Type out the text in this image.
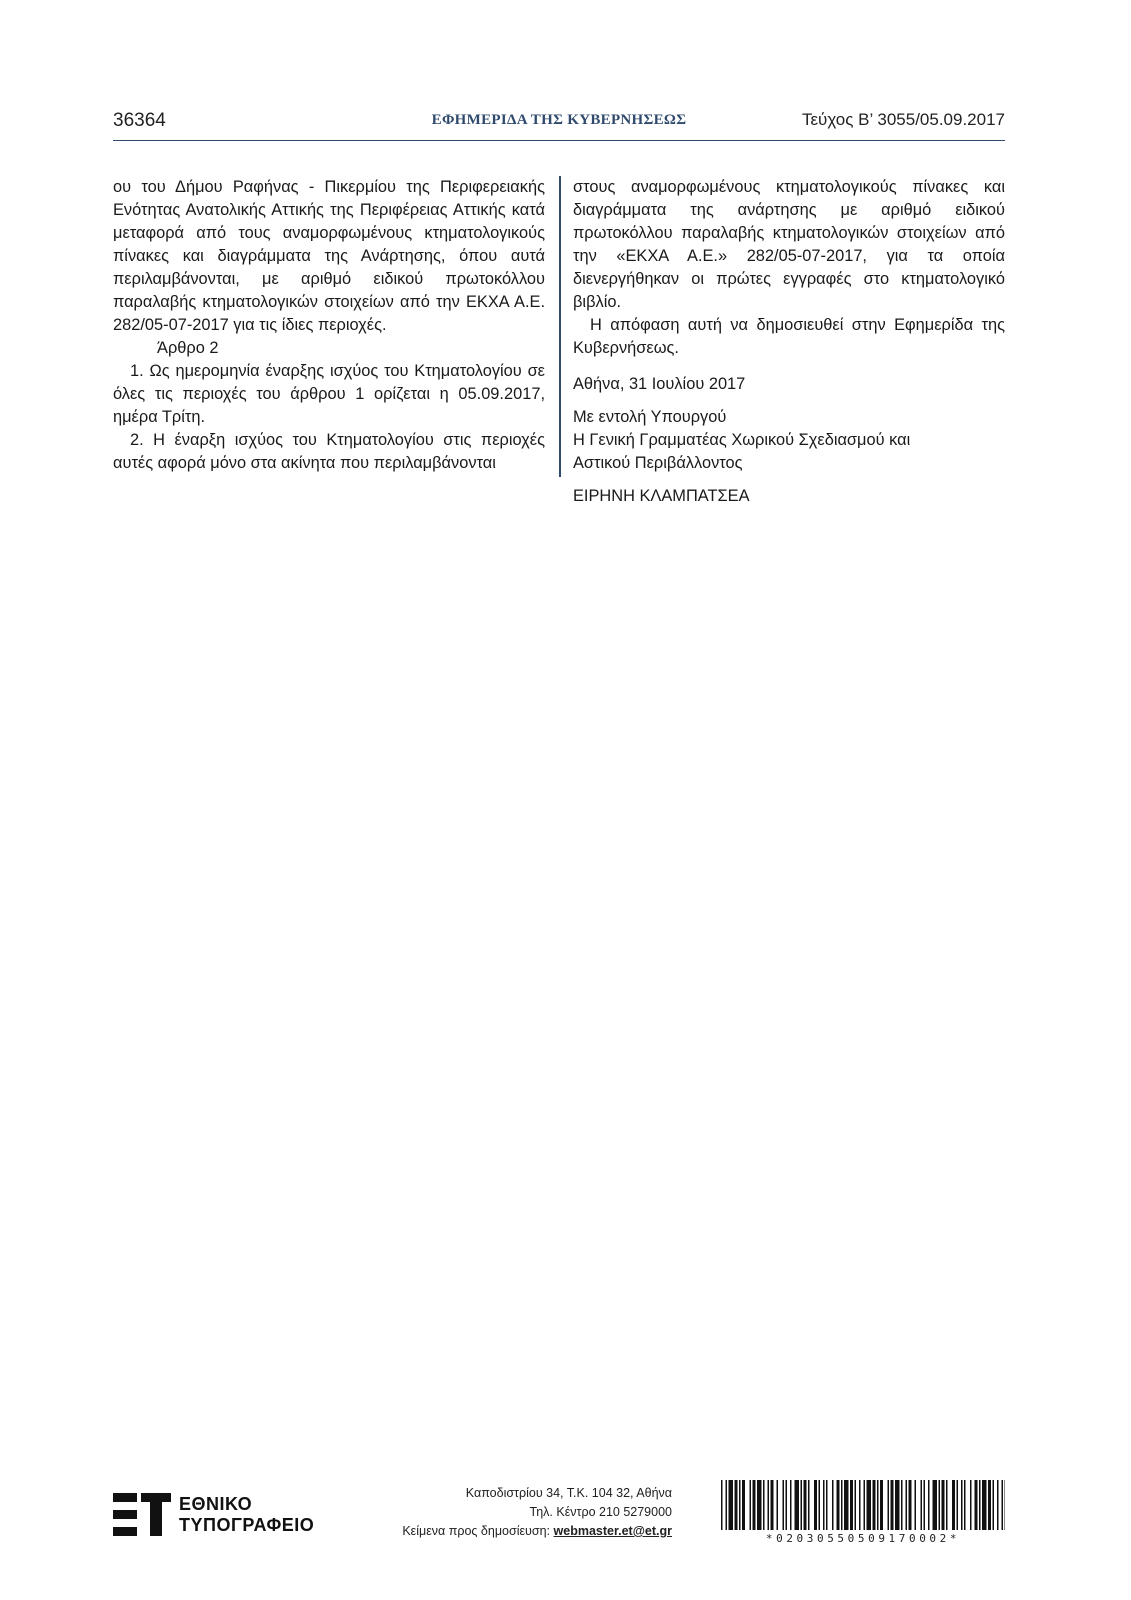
36364	ΕΦΗΜΕΡΙΔΑ ΤΗΣ ΚΥΒΕΡΝΗΣΕΩΣ	Τεύχος Β’ 3055/05.09.2017

ου του Δήμου Ραφήνας - Πικερμίου της Περιφερειακής Ενότητας Ανατολικής Αττικής της Περιφέρειας Αττικής κατά μεταφορά από τους αναμορφωμένους κτηματολογικούς πίνακες και διαγράμματα της Ανάρτησης, όπου αυτά περιλαμβάνονται, με αριθμό ειδικού πρωτοκόλλου παραλαβής κτηματολογικών στοιχείων από την ΕΚΧΑ Α.Ε. 282/05-07-2017 για τις ίδιες περιοχές.

Άρθρο 2

1. Ως ημερομηνία έναρξης ισχύος του Κτηματολογίου σε όλες τις περιοχές του άρθρου 1 ορίζεται η 05.09.2017, ημέρα Τρίτη.

2. Η έναρξη ισχύος του Κτηματολογίου στις περιοχές αυτές αφορά μόνο στα ακίνητα που περιλαμβάνονται

στους αναμορφωμένους κτηματολογικούς πίνακες και διαγράμματα της ανάρτησης με αριθμό ειδικού πρωτοκόλλου παραλαβής κτηματολογικών στοιχείων από την «ΕΚΧΑ Α.Ε.» 282/05-07-2017, για τα οποία διενεργήθηκαν οι πρώτες εγγραφές στο κτηματολογικό βιβλίο.

Η απόφαση αυτή να δημοσιευθεί στην Εφημερίδα της Κυβερνήσεως.

Αθήνα, 31 Ιουλίου 2017

Με εντολή Υπουργού

Η Γενική Γραμματέας Χωρικού Σχεδιασμού και

Αστικού Περιβάλλοντος

ΕΙΡΗΝΗ ΚΛΑΜΠΑΤΣΕΑ

ΕΘΝΙΚΟ
ΤΥΠΟΓΡΑΦΕΙΟ
Καποδιστρίου 34, Τ.Κ. 104 32, Αθήνα
Τηλ. Κέντρο 210 5279000
Κείμενα προς δημοσίευση: webmaster.et@et.gr
*02030550509170002*
